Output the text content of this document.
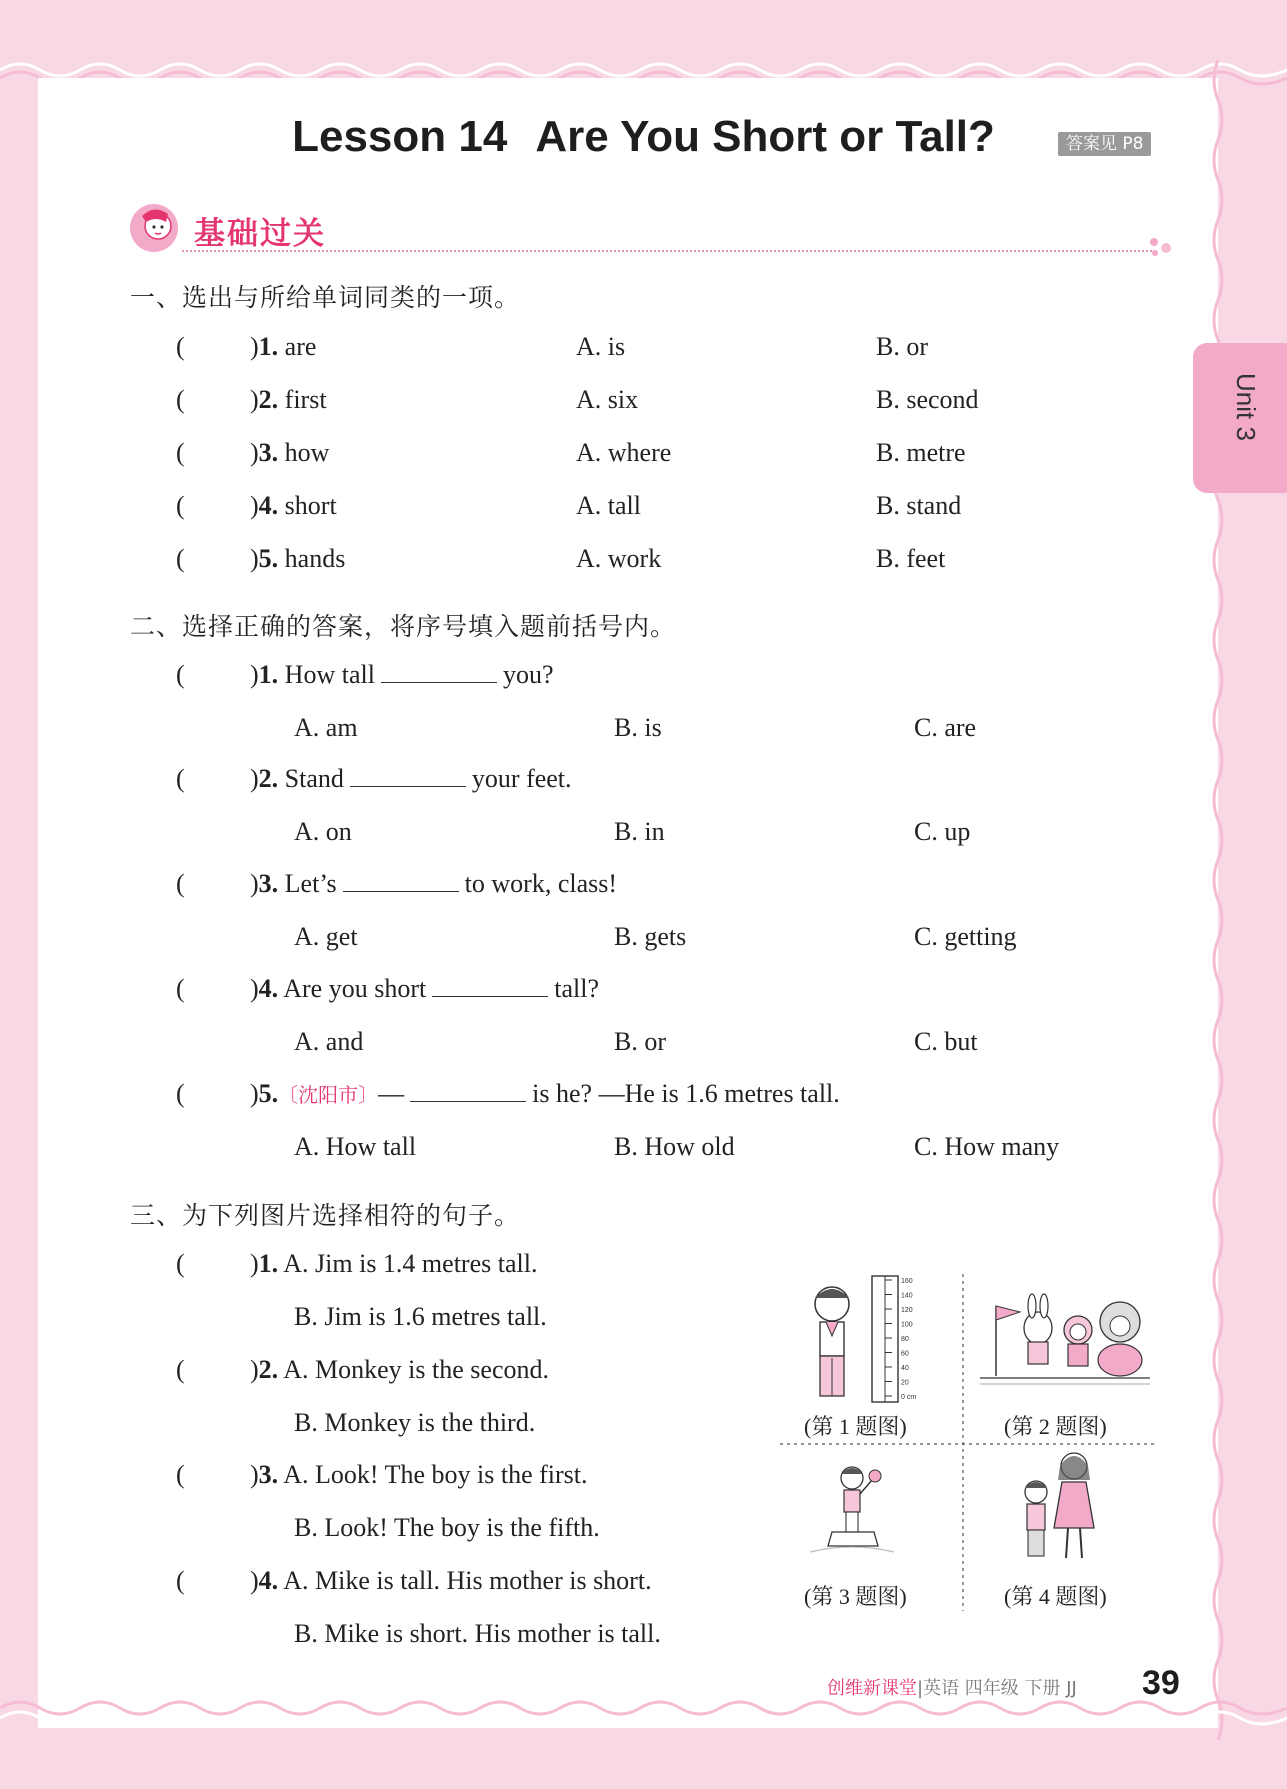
Unit 3
Lesson 14 Are You Short or Tall?	答案见 P8
基础过关
一、选出与所给单词同类的一项。
(	)1. are	A. is	B. or
(	)2. first	A. six	B. second
(	)3. how	A. where	B. metre
(	)4. short	A. tall	B. stand
(	)5. hands	A. work	B. feet
二、选择正确的答案，将序号填入题前括号内。
(	)1. How tall	you?
A. am	B. is	C. are
(	)2. Stand	your feet.
A. on	B. in	C. up
(	)3. Let’s	to work, class!
A. get	B. gets	C. getting
(	)4. Are you short	tall?
A. and	B. or	C. but
(	)5.〔沈阳市〕—	is he? —He is 1.6 metres tall.
A. How tall	B. How old	C. How many
三、为下列图片选择相符的句子。
(	)1. A. Jim is 1.4 metres tall.
B. Jim is 1.6 metres tall.
(	)2. A. Monkey is the second.
B. Monkey is the third.
(	)3. A. Look! The boy is the first.
B. Look! The boy is the fifth.
(	)4. A. Mike is tall. His mother is short.
B. Mike is short. His mother is tall.
160
140
120
100
80
60
40
20
0 cm
(第 1 题图)	(第 2 题图)
(第 3 题图)	(第 4 题图)
创维新课堂|英语 四年级 下册 JJ 39
